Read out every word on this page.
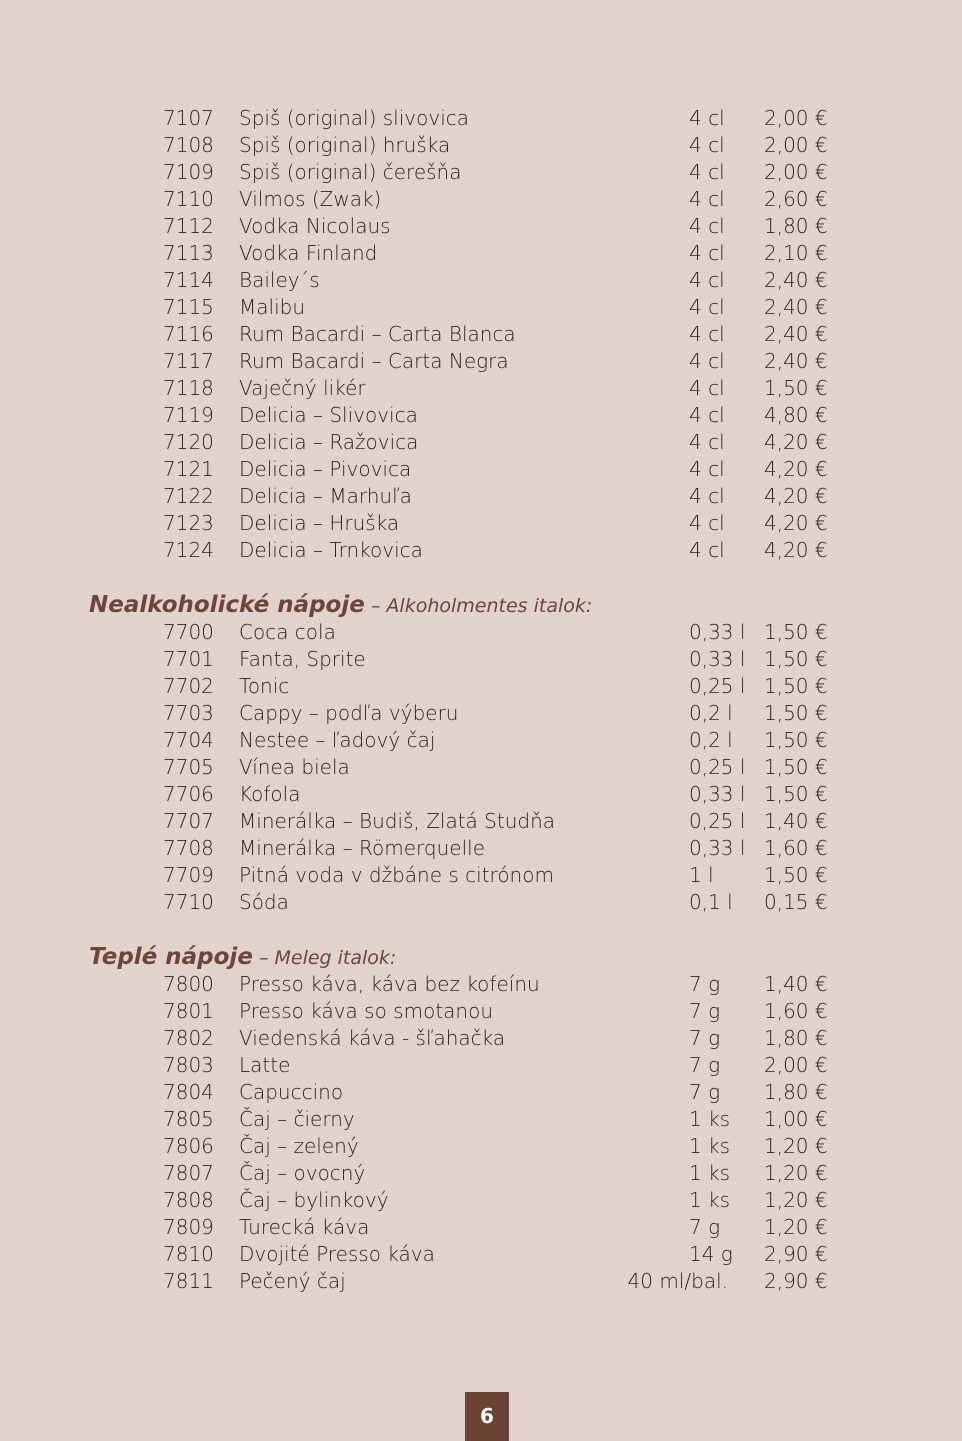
7107 Spiš (original) slivovica	4 cl 2,00 €
7108 Spiš (original) hruška	4 cl 2,00 €
7109 Spiš (original) čerešňa	4 cl 2,00 €
7110 Vilmos (Zwak)	4 cl 2,60 €
7112 Vodka Nicolaus	4 cl 1,80 €
7113 Vodka Finland	4 cl 2,10 €
7114 Bailey´s	4 cl 2,40 €
7115 Malibu	4 cl 2,40 €
7116 Rum Bacardi – Carta Blanca	4 cl 2,40 €
7117 Rum Bacardi – Carta Negra	4 cl 2,40 €
7118 Vaječný likér	4 cl 1,50 €
7119 Delicia – Slivovica	4 cl 4,80 €
7120 Delicia – Ražovica	4 cl 4,20 €
7121 Delicia – Pivovica	4 cl 4,20 €
7122 Delicia – Marhuľa	4 cl 4,20 €
7123 Delicia – Hruška	4 cl 4,20 €
7124 Delicia – Trnkovica	4 cl 4,20 €
Nealkoholické nápoje – Alkoholmentes italok:
7700 Coca cola	0,33 l 1,50 €
7701 Fanta, Sprite	0,33 l 1,50 €
7702 Tonic	0,25 l 1,50 €
7703 Cappy – podľa výberu	0,2 l 1,50 €
7704 Nestee – ľadový čaj	0,2 l 1,50 €
7705 Vínea biela	0,25 l 1,50 €
7706 Kofola	0,33 l 1,50 €
7707 Minerálka – Budiš, Zlatá Studňa	0,25 l 1,40 €
7708 Minerálka – Römerquelle	0,33 l 1,60 €
7709 Pitná voda v džbáne s citrónom	1 l	1,50 €
7710 Sóda	0,1 l 0,15 €
Teplé nápoje – Meleg italok:
7800 Presso káva, káva bez kofeínu	7 g 1,40 €
7801 Presso káva so smotanou	7 g 1,60 €
7802 Viedenská káva - šľahačka	7 g 1,80 €
7803 Latte	7 g 2,00 €
7804 Capuccino	7 g 1,80 €
7805 Čaj – čierny	1 ks 1,00 €
7806 Čaj – zelený	1 ks 1,20 €
7807 Čaj – ovocný	1 ks 1,20 €
7808 Čaj – bylinkový	1 ks 1,20 €
7809 Turecká káva	7 g 1,20 €
7810 Dvojité Presso káva	14 g 2,90 €
7811 Pečený čaj	40 ml/bal. 2,90 €
6
